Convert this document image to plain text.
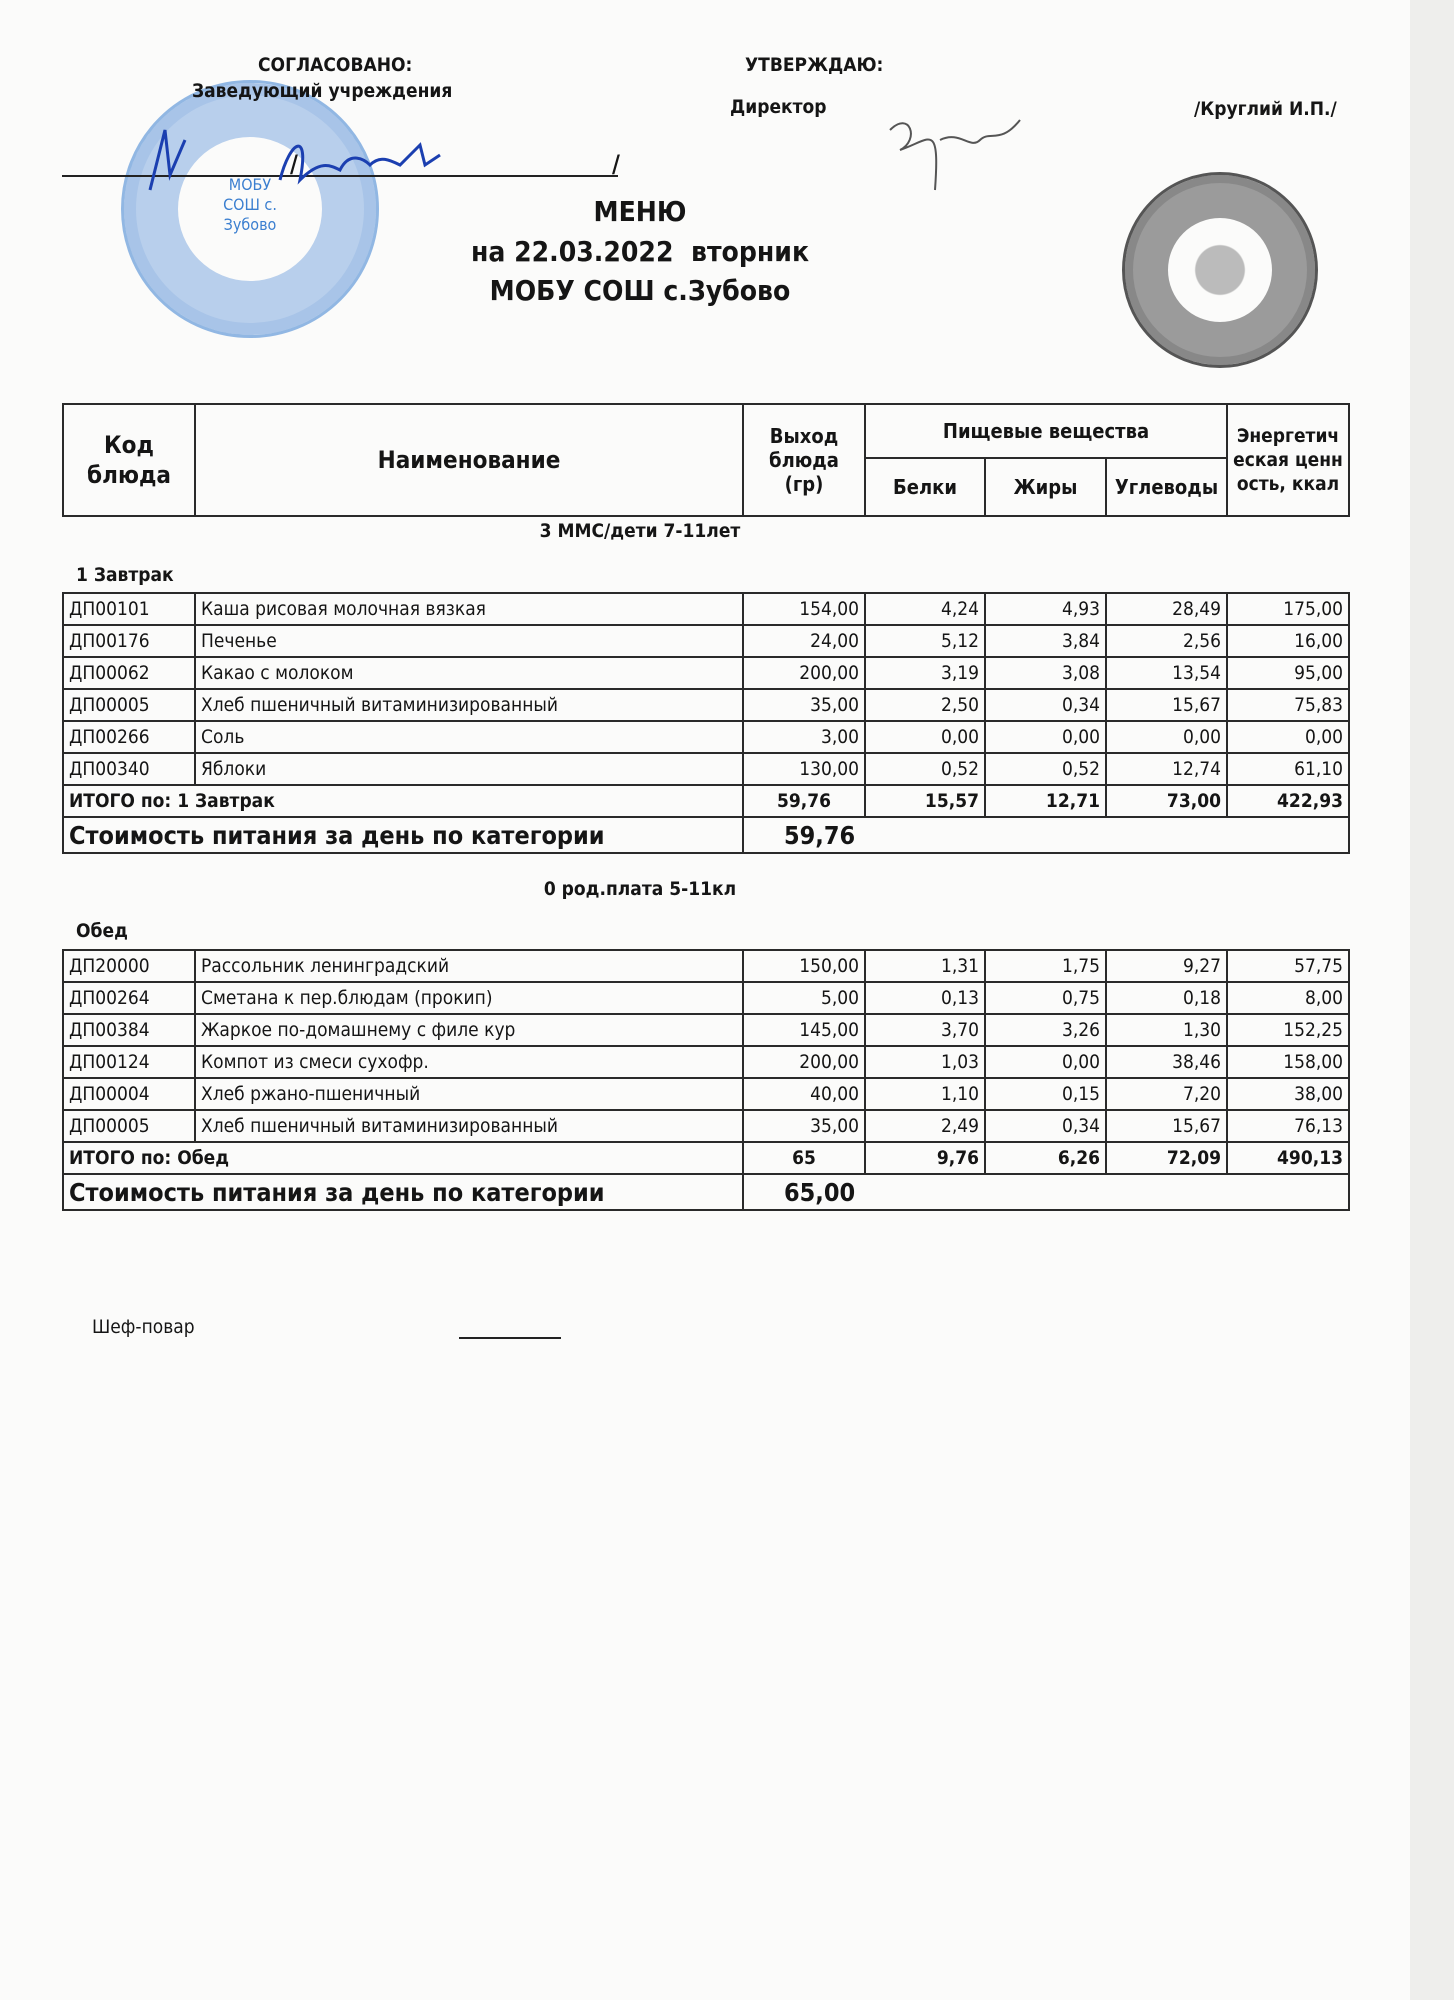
МОБУ СОШ с. Зубово
СОГЛАСОВАНО:
Заведующий учреждения
/	/
УТВЕРЖДАЮ:
Директор	/Круглий И.П./
МЕНЮ
на 22.03.2022  вторник
МОБУ СОШ с.Зубово
Код блюда	Наименование	Выход блюда (гр)	Пищевые вещества			Энергетическая ценность, ккал
			Белки	Жиры	Углеводы	
3 ММС/дети 7-11лет
1 Завтрак
ДП00101	Каша рисовая молочная вязкая	154,00	4,24	4,93	28,49	175,00
ДП00176	Печенье	24,00	5,12	3,84	2,56	16,00
ДП00062	Какао с молоком	200,00	3,19	3,08	13,54	95,00
ДП00005	Хлеб пшеничный витаминизированный	35,00	2,50	0,34	15,67	75,83
ДП00266	Соль	3,00	0,00	0,00	0,00	0,00
ДП00340	Яблоки	130,00	0,52	0,52	12,74	61,10
ИТОГО по: 1 Завтрак		59,76	15,57	12,71	73,00	422,93
Стоимость питания за день по категории		59,76				
0 род.плата 5-11кл
Обед
ДП20000	Рассольник ленинградский	150,00	1,31	1,75	9,27	57,75
ДП00264	Сметана к пер.блюдам (прокип)	5,00	0,13	0,75	0,18	8,00
ДП00384	Жаркое по-домашнему с филе кур	145,00	3,70	3,26	1,30	152,25
ДП00124	Компот из смеси сухофр.	200,00	1,03	0,00	38,46	158,00
ДП00004	Хлеб ржано-пшеничный	40,00	1,10	0,15	7,20	38,00
ДП00005	Хлеб пшеничный витаминизированный	35,00	2,49	0,34	15,67	76,13
ИТОГО по: Обед		65	9,76	6,26	72,09	490,13
Стоимость питания за день по категории		65,00				
Шеф-повар
